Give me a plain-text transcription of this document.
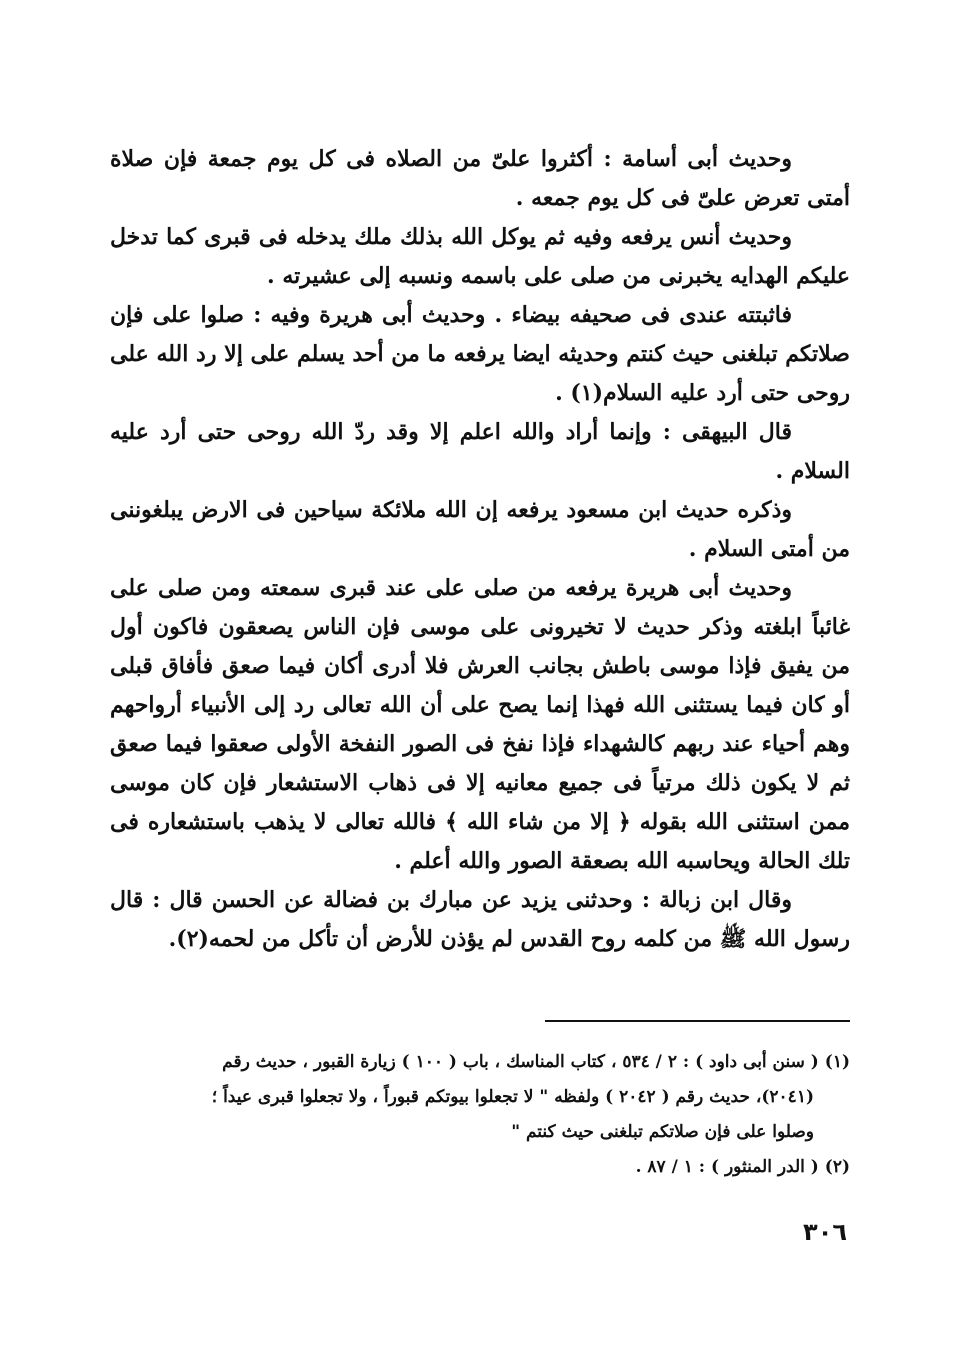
وحديث أبى أسامة : أكثروا علىّ من الصلاه فى كل يوم جمعة فإن صلاة أمتى تعرض علىّ فى كل يوم جمعه .

وحديث أنس يرفعه وفيه ثم يوكل الله بذلك ملك يدخله فى قبرى كما تدخل عليكم الهدايه يخبرنى من صلى على باسمه ونسبه إلى عشيرته .

فاثبتته عندى فى صحيفه بيضاء . وحديث أبى هريرة وفيه : صلوا على فإن صلاتكم تبلغنى حيث كنتم وحديثه ايضا يرفعه ما من أحد يسلم على إلا رد الله على روحى حتى أرد عليه السلام(١) .

قال البيهقى : وإنما أراد والله اعلم إلا وقد ردّ الله روحى حتى أرد عليه السلام .

وذكره حديث ابن مسعود يرفعه إن الله ملائكة سياحين فى الارض يبلغوننى من أمتى السلام .

وحديث أبى هريرة يرفعه من صلى على عند قبرى سمعته ومن صلى على غائباً ابلغته وذكر حديث لا تخيرونى على موسى فإن الناس يصعقون فاكون أول من يفيق فإذا موسى باطش بجانب العرش فلا أدرى أكان فيما صعق فأفاق قبلى أو كان فيما يستثنى الله فهذا إنما يصح على أن الله تعالى رد إلى الأنبياء أرواحهم وهم أحياء عند ربهم كالشهداء فإذا نفخ فى الصور النفخة الأولى صعقوا فيما صعق ثم لا يكون ذلك مرتياً فى جميع معانيه إلا فى ذهاب الاستشعار فإن كان موسى ممن استثنى الله بقوله ﴿ إلا من شاء الله ﴾ فالله تعالى لا يذهب باستشعاره فى تلك الحالة ويحاسبه الله بصعقة الصور والله أعلم .

وقال ابن زبالة : وحدثنى يزيد عن مبارك بن فضالة عن الحسن قال : قال رسول الله ﷺ من كلمه روح القدس لم يؤذن للأرض أن تأكل من لحمه(٢).

(١) ( سنن أبى داود ) : ٢ / ٥٣٤ ، كتاب المناسك ، باب ( ١٠٠ ) زيارة القبور ، حديث رقم

(٢٠٤١)، حديث رقم ( ٢٠٤٢ ) ولفظه " لا تجعلوا بيوتكم قبوراً ، ولا تجعلوا قبرى عيداً ؛

وصلوا على فإن صلاتكم تبلغنى حيث كنتم "

(٢) ( الدر المنثور ) : ١ / ٨٧ .

٣٠٦
